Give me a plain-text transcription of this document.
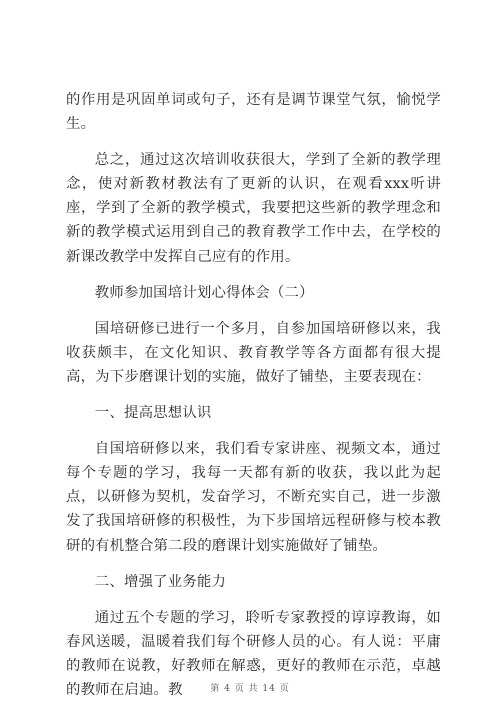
的作用是巩固单词或句子，还有是调节课堂气氛，愉悦学生。

总之，通过这次培训收获很大，学到了全新的教学理念，使对新教材教法有了更新的认识，在观看xxx听讲座，学到了全新的教学模式，我要把这些新的教学理念和新的教学模式运用到自己的教育教学工作中去，在学校的新课改教学中发挥自己应有的作用。

教师参加国培计划心得体会（二）

国培研修已进行一个多月，自参加国培研修以来，我收获颇丰，在文化知识、教育教学等各方面都有很大提高，为下步磨课计划的实施，做好了铺垫，主要表现在：

一、提高思想认识

自国培研修以来，我们看专家讲座、视频文本，通过每个专题的学习，我每一天都有新的收获，我以此为起点，以研修为契机，发奋学习，不断充实自己，进一步激发了我国培研修的积极性，为下步国培远程研修与校本教研的有机整合第二段的磨课计划实施做好了铺垫。

二、增强了业务能力

通过五个专题的学习，聆听专家教授的谆谆教诲，如春风送暖，温暖着我们每个研修人员的心。有人说：平庸的教师在说教，好教师在解惑，更好的教师在示范，卓越的教师在启迪。教	第 4 页 共 14 页
